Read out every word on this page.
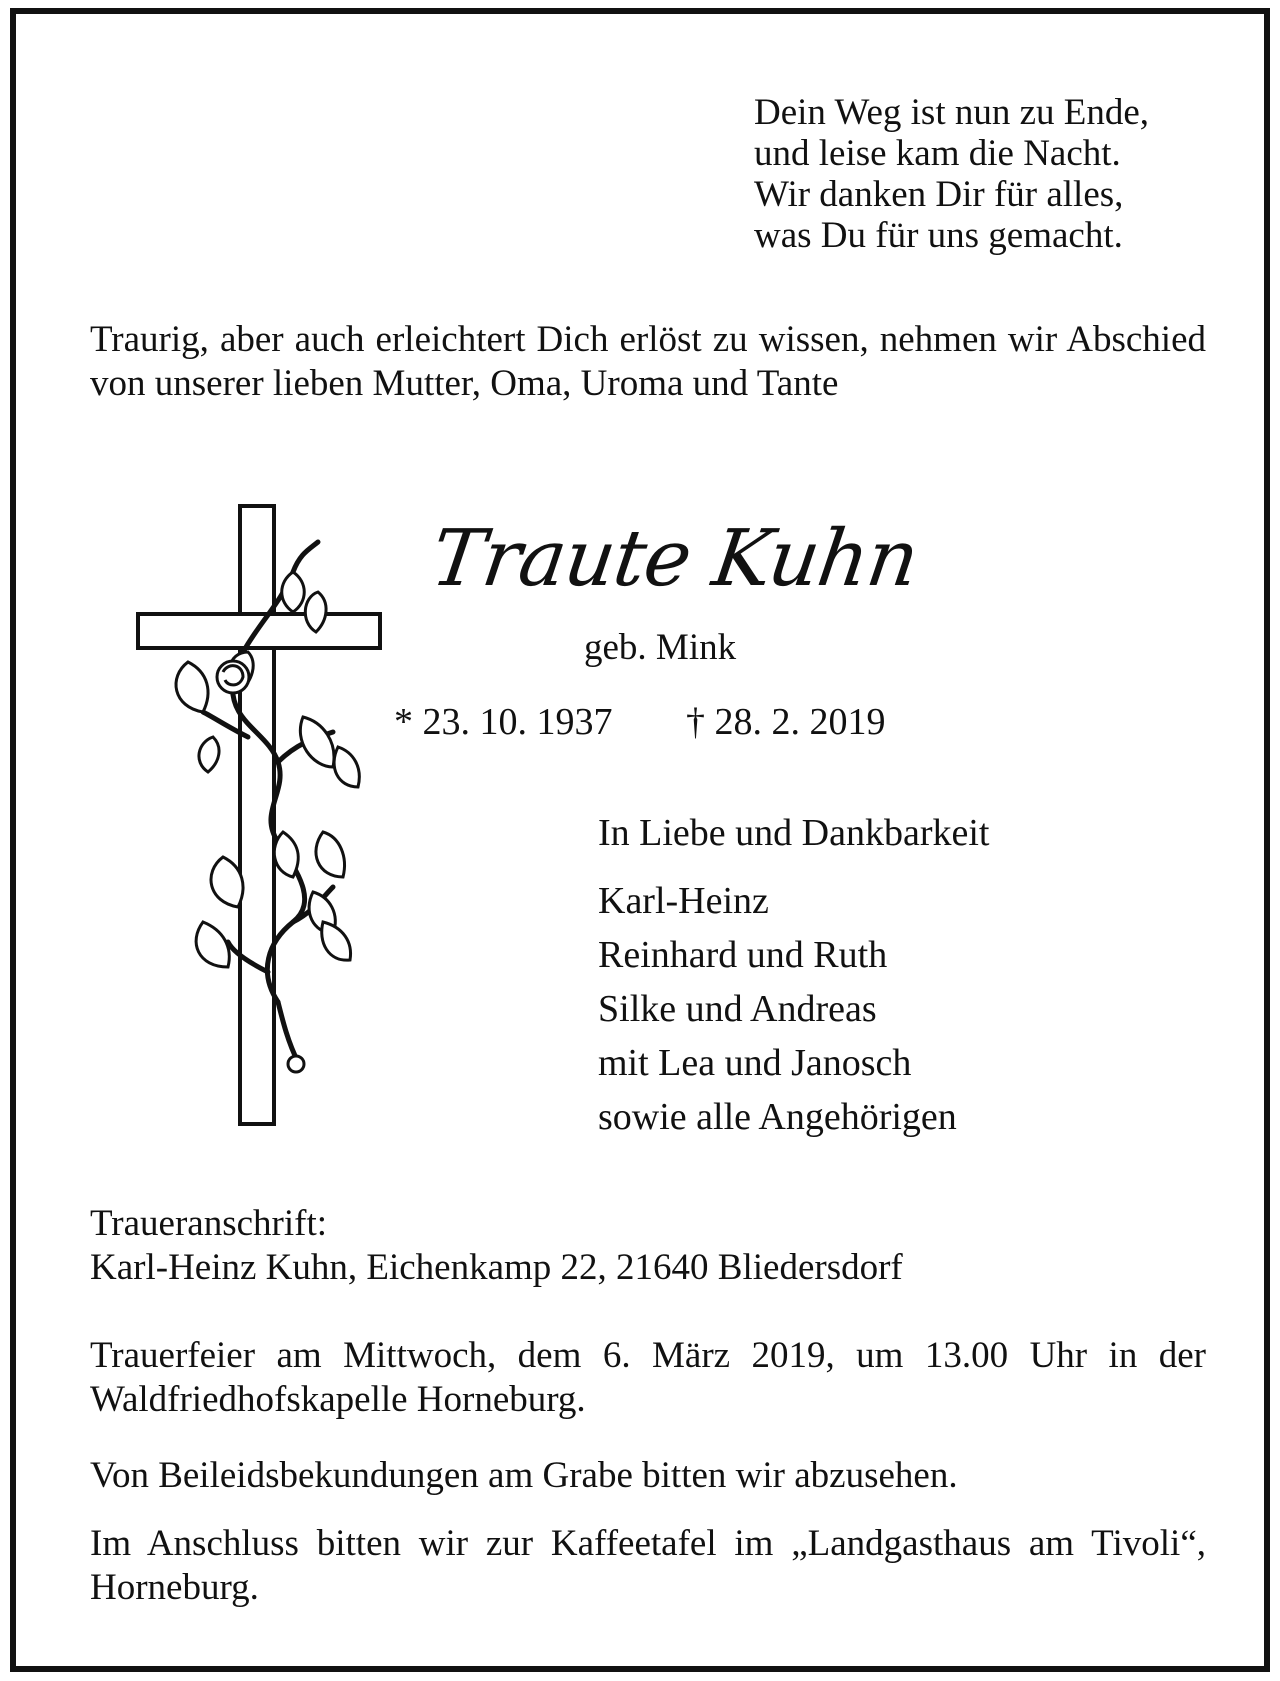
Dein Weg ist nun zu Ende,
und leise kam die Nacht.
Wir danken Dir für alles,
was Du für uns gemacht.
Traurig, aber auch erleichtert Dich erlöst zu wissen, nehmen wir Abschied von unserer lieben Mutter, Oma, Uroma und Tante
Traute Kuhn
geb. Mink
* 23. 10. 1937 † 28. 2. 2019
In Liebe und Dankbarkeit
Karl-Heinz
Reinhard und Ruth
Silke und Andreas
mit Lea und Janosch
sowie alle Angehörigen
Traueranschrift:
Karl-Heinz Kuhn, Eichenkamp 22, 21640 Bliedersdorf
Trauerfeier am Mittwoch, dem 6. März 2019, um 13.00 Uhr in der Waldfriedhofskapelle Horneburg.
Von Beileidsbekundungen am Grabe bitten wir abzusehen.
Im Anschluss bitten wir zur Kaffeetafel im „Landgasthaus am Tivoli“, Horneburg.
